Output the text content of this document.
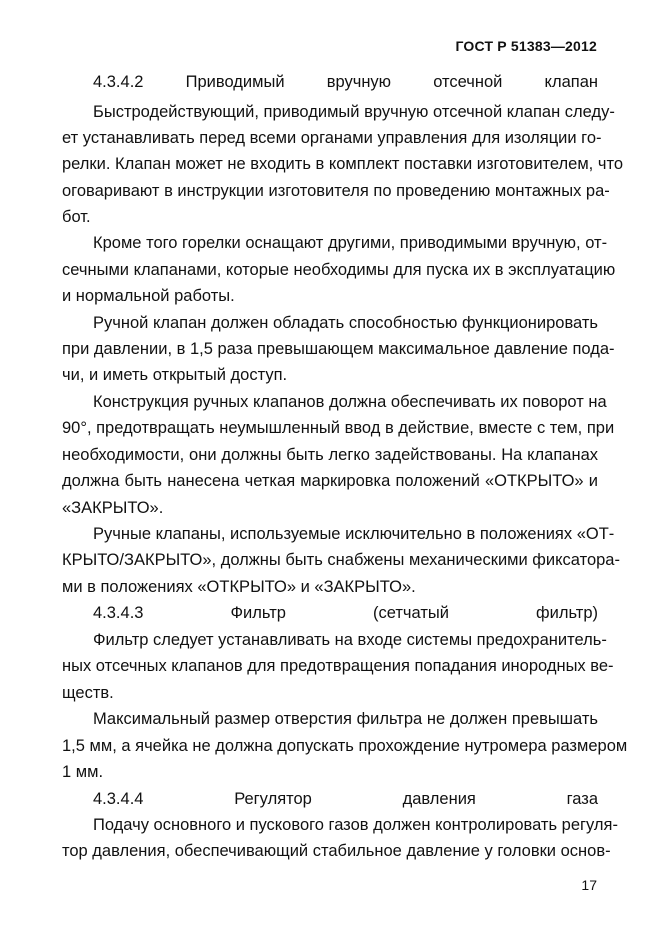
ГОСТ Р 51383—2012
4.3.4.2 Приводимый вручную отсечной клапан
Быстродействующий, приводимый вручную отсечной клапан следу-
ет устанавливать перед всеми органами управления для изоляции го-
релки. Клапан может не входить в комплект поставки изготовителем, что
оговаривают в инструкции изготовителя по проведению монтажных ра-
бот.
Кроме того горелки оснащают другими, приводимыми вручную, от-
сечными клапанами, которые необходимы для пуска их в эксплуатацию
и нормальной работы.
Ручной клапан должен обладать способностью функционировать
при давлении, в 1,5 раза превышающем максимальное давление пода-
чи, и иметь открытый доступ.
Конструкция ручных клапанов должна обеспечивать их поворот на
90°, предотвращать неумышленный ввод в действие, вместе с тем, при
необходимости, они должны быть легко задействованы. На клапанах
должна быть нанесена четкая маркировка положений «ОТКРЫТО» и
«ЗАКРЫТО».
Ручные клапаны, используемые исключительно в положениях «ОТ-
КРЫТО/ЗАКРЫТО», должны быть снабжены механическими фиксатора-
ми в положениях «ОТКРЫТО» и «ЗАКРЫТО».
4.3.4.3 Фильтр (сетчатый фильтр)
Фильтр следует устанавливать на входе системы предохранитель-
ных отсечных клапанов для предотвращения попадания инородных ве-
ществ.
Максимальный размер отверстия фильтра не должен превышать
1,5 мм, а ячейка не должна допускать прохождение нутромера размером
1 мм.
4.3.4.4 Регулятор давления газа
Подачу основного и пускового газов должен контролировать регуля-
тор давления, обеспечивающий стабильное давление у головки основ-
17
